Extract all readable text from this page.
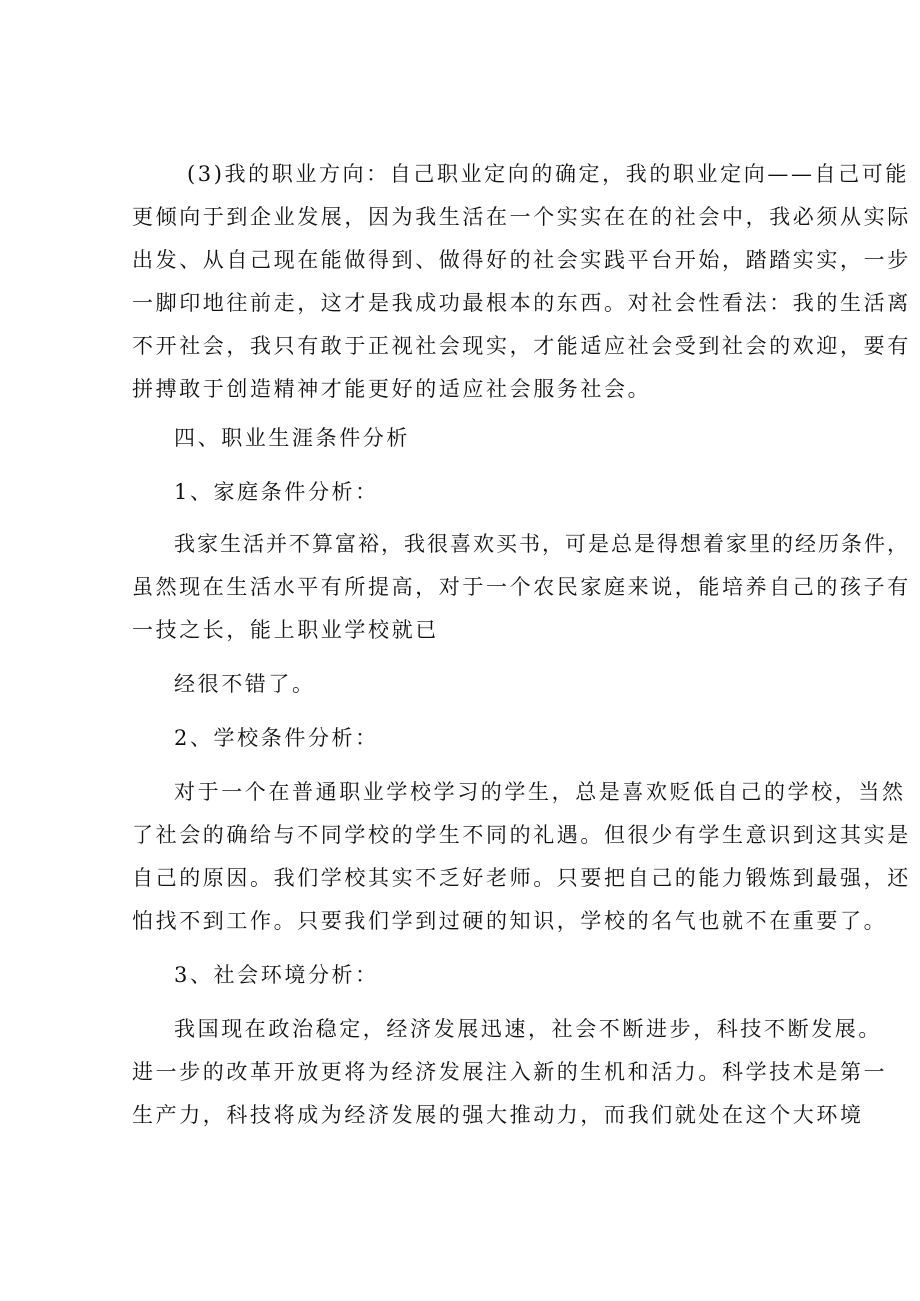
(3)我的职业方向：自己职业定向的确定，我的职业定向——自己可能
更倾向于到企业发展，因为我生活在一个实实在在的社会中，我必须从实际
出发、从自己现在能做得到、做得好的社会实践平台开始，踏踏实实，一步
一脚印地往前走，这才是我成功最根本的东西。对社会性看法：我的生活离
不开社会，我只有敢于正视社会现实，才能适应社会受到社会的欢迎，要有
拼搏敢于创造精神才能更好的适应社会服务社会。
四、职业生涯条件分析
1、家庭条件分析：
我家生活并不算富裕，我很喜欢买书，可是总是得想着家里的经历条件，
虽然现在生活水平有所提高，对于一个农民家庭来说，能培养自己的孩子有
一技之长，能上职业学校就已
经很不错了。
2、学校条件分析：
对于一个在普通职业学校学习的学生，总是喜欢贬低自己的学校，当然
了社会的确给与不同学校的学生不同的礼遇。但很少有学生意识到这其实是
自己的原因。我们学校其实不乏好老师。只要把自己的能力锻炼到最强，还
怕找不到工作。只要我们学到过硬的知识，学校的名气也就不在重要了。
3、社会环境分析：
我国现在政治稳定，经济发展迅速，社会不断进步，科技不断发展。
进一步的改革开放更将为经济发展注入新的生机和活力。科学技术是第一
生产力，科技将成为经济发展的强大推动力，而我们就处在这个大环境
